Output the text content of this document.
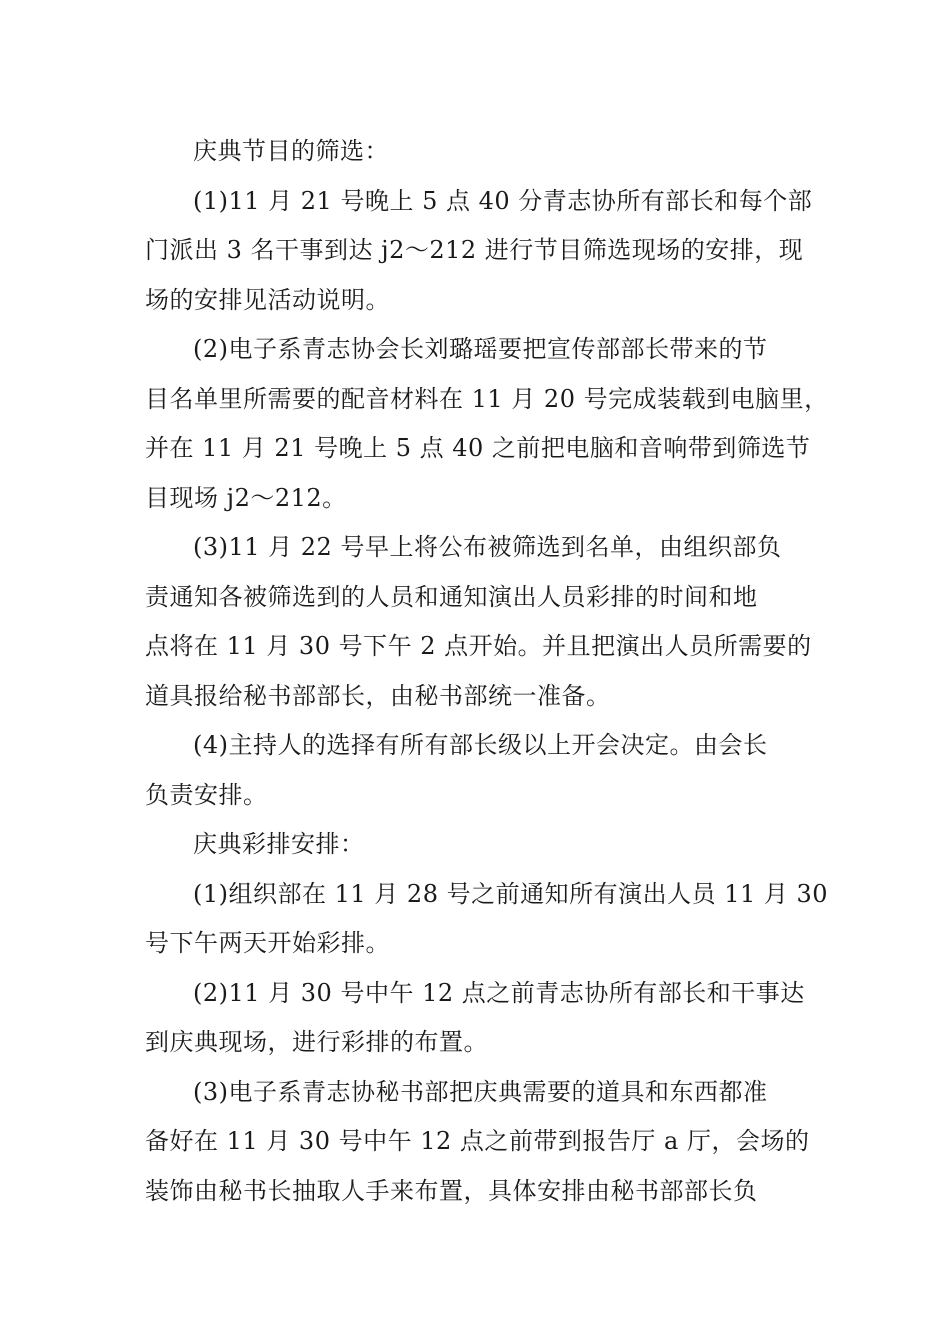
庆典节目的筛选：

(1)11 月 21 号晚上 5 点 40 分青志协所有部长和每个部
门派出 3 名干事到达 j2～212 进行节目筛选现场的安排，现
场的安排见活动说明。

(2)电子系青志协会长刘璐瑶要把宣传部部长带来的节
目名单里所需要的配音材料在 11 月 20 号完成装载到电脑里，
并在 11 月 21 号晚上 5 点 40 之前把电脑和音响带到筛选节
目现场 j2～212。

(3)11 月 22 号早上将公布被筛选到名单，由组织部负
责通知各被筛选到的人员和通知演出人员彩排的时间和地
点将在 11 月 30 号下午 2 点开始。并且把演出人员所需要的
道具报给秘书部部长，由秘书部统一准备。

(4)主持人的选择有所有部长级以上开会决定。由会长
负责安排。

庆典彩排安排：

(1)组织部在 11 月 28 号之前通知所有演出人员 11 月 30
号下午两天开始彩排。

(2)11 月 30 号中午 12 点之前青志协所有部长和干事达
到庆典现场，进行彩排的布置。

(3)电子系青志协秘书部把庆典需要的道具和东西都准
备好在 11 月 30 号中午 12 点之前带到报告厅 a 厅，会场的
装饰由秘书长抽取人手来布置，具体安排由秘书部部长负
